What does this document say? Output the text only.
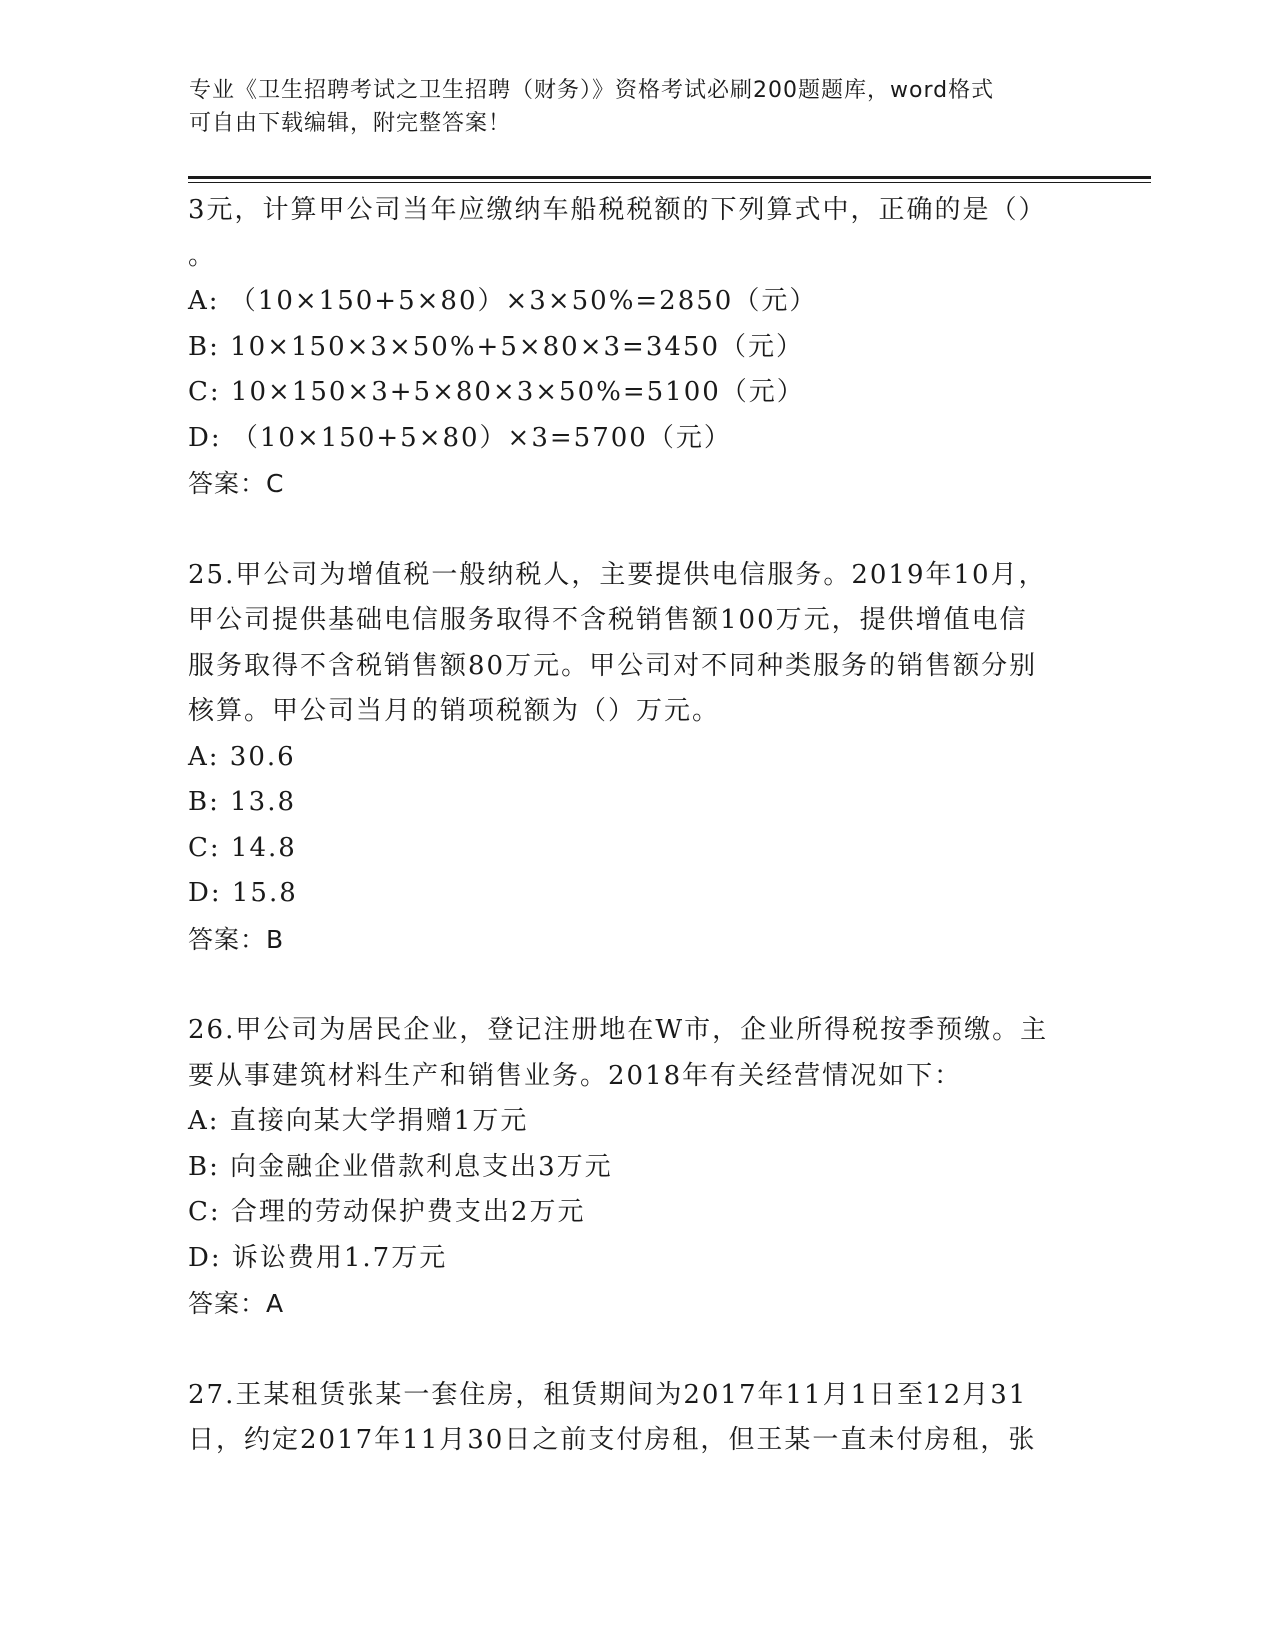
专业《卫生招聘考试之卫生招聘（财务）》资格考试必刷200题题库，word格式
可自由下载编辑，附完整答案！
3元，计算甲公司当年应缴纳车船税税额的下列算式中，正确的是（）
。
A: （10×150+5×80）×3×50%=2850（元）
B: 10×150×3×50%+5×80×3=3450（元）
C: 10×150×3+5×80×3×50%=5100（元）
D: （10×150+5×80）×3=5700（元）
答案：C
25.甲公司为增值税一般纳税人，主要提供电信服务。2019年10月，
甲公司提供基础电信服务取得不含税销售额100万元，提供增值电信
服务取得不含税销售额80万元。甲公司对不同种类服务的销售额分别
核算。甲公司当月的销项税额为（）万元。
A: 30.6
B: 13.8
C: 14.8
D: 15.8
答案：B
26.甲公司为居民企业，登记注册地在W市，企业所得税按季预缴。主
要从事建筑材料生产和销售业务。2018年有关经营情况如下：
A: 直接向某大学捐赠1万元
B: 向金融企业借款利息支出3万元
C: 合理的劳动保护费支出2万元
D: 诉讼费用1.7万元
答案：A
27.王某租赁张某一套住房，租赁期间为2017年11月1日至12月31
日，约定2017年11月30日之前支付房租，但王某一直未付房租，张
